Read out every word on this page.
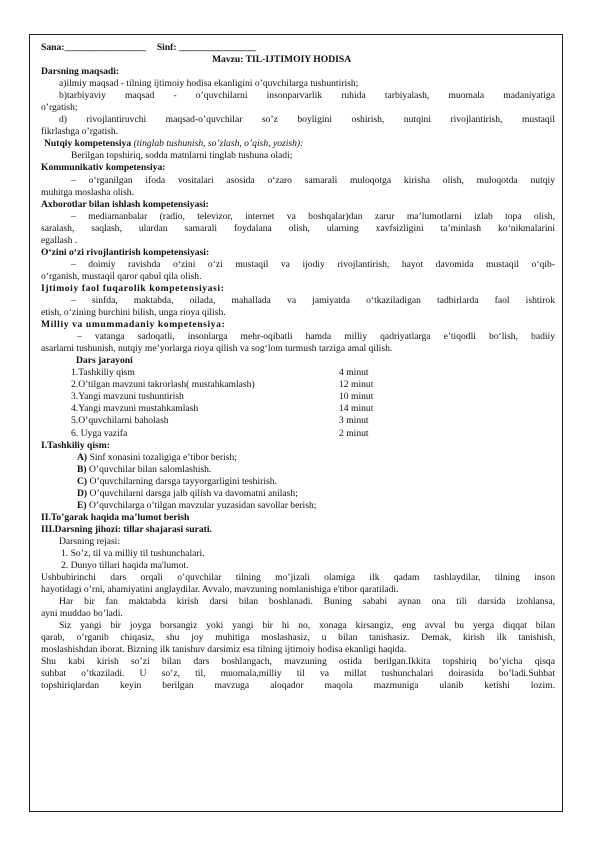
Sana:_________________ Sinf: ________________
Mavzu: TIL-IJTIMOIY HODISA
Darsning maqsadi:
a)ilmiy maqsad - tilning ijtimoiy hodisa ekanligini o’quvchilarga tushuntirish;
b)tarbiyaviy maqsad - o’quvchilarni insonparvarlik ruhida tarbiyalash, muomala madaniyatiga
o’rgatish;
d) rivojlantiruvchi maqsad-o’quvchilar so’z boyligini oshirish, nutqini rivojlantirish, mustaqil
fikrlashga o’rgatish.
Nutqiy kompetensiya (tinglab tushunish, so’zlash, o’qish, yozish):
Berilgan topshiriq, sodda matnlarni tinglab tushuna oladi;
Kommunikativ kompetensiya:
– o‘rganilgan ifoda vositalari asosida o‘zaro samarali muloqotga kirisha olish, muloqotda nutqiy
muhitga moslasha olish.
Axborotlar bilan ishlash kompetensiyasi:
– mediamanbalar (radio, televizor, internet va boshqalar)dan zarur ma’lumotlarni izlab topa olish,
saralash, saqlash, ulardan samarali foydalana olish, ularning xavfsizligini ta’minlash ko‘nikmalarini
egallash .
O‘zini o‘zi rivojlantirish kompetensiyasi:
– doimiy ravishda o‘zini o‘zi mustaqil va ijodiy rivojlantirish, hayot davomida mustaqil o‘qib-
o‘rganish, mustaqil qaror qabul qila olish.
Ijtimoiy faol fuqarolik kompetensiyasi:
– sinfda, maktabda, oilada, mahallada va jamiyatda o‘tkaziladigan tadbirlarda faol ishtirok
etish, o‘zining burchini bilish, unga rioya qilish.
Milliy va umummadaniy kompetensiya:
– vatanga sadoqatli, insonlarga mehr-oqibatli hamda milliy qadriyatlarga e’tiqodli bo‘lish, badiiy
asarlarni tushunish, nutqiy me’yorlarga rioya qilish va sog‘lom turmush tarziga amal qilish.
Dars jarayoni
1.Tashkiliy qism	4 minut
2.O’tilgan mavzuni takrorlash( mustahkamlash)	12 minut
3.Yangi mavzuni tushuntirish	10 minut
4.Yangi mavzuni mustahkamlash	14 minut
5.O’quvchilarni baholash	3 minut
6. Uyga vazifa	2 minut
I.Tashkiliy qism:
A) Sinf xonasini tozaligiga e’tibor berish;
B) O’quvchilar bilan salomlashish.
C) O’quvchilarning darsga tayyorgarligini teshirish.
D) O’quvchilarni darsga jalb qilish va davomatni anilash;
E) O’quvchilarga o’tilgan mavzular yuzasidan savollar berish;
II.To’garak haqida ma’lumot berish
III.Darsning jihozi: tillar shajarasi surati.
Darsning rejasi:
1. So’z, til va milliy til tushunchalari.
2. Dunyo tillari haqida ma'lumot.
Ushbubirinchi dars orqali o’quvchilar tilning mo’jizali olamiga ilk qadam tashlaydilar, tilning inson
hayotidagi o’rni, ahamiyatini anglaydilar. Avvalo, mavzuning nomlanishiga e'tibor qaratiladi.
Har bir fan maktabda kirish darsi bilan boshlanadi. Buning sababi aynan ona tili darsida izohlansa,
ayni muddao bo’ladi.
Siz yangi bir joyga borsangiz yoki yangi bir hi no, xonaga kirsangiz, eng avval bu yerga diqqat bilan
qarab, o’rganib chiqasiz, shu joy muhitiga moslashasiz, u bilan tanishasiz. Demak, kirish ilk tanishish,
moslashishdan iborat. Bizning ilk tanishuv darsimiz esa tilning ijtimoiy hodisa ekanligi haqida.
Shu kabi kirish so’zi bilan dars boshlangach, mavzuning ostida berilgan.Ikkita topshiriq bo’yicha qisqa
suhbat o’tkaziladi. U so’z, til, muomala,milliy til va millat tushunchalari doirasida bo’ladi.Suhbat
topshiriqlardan keyin berilgan mavzuga aloqador maqola mazmuniga ulanib ketishi lozim.
